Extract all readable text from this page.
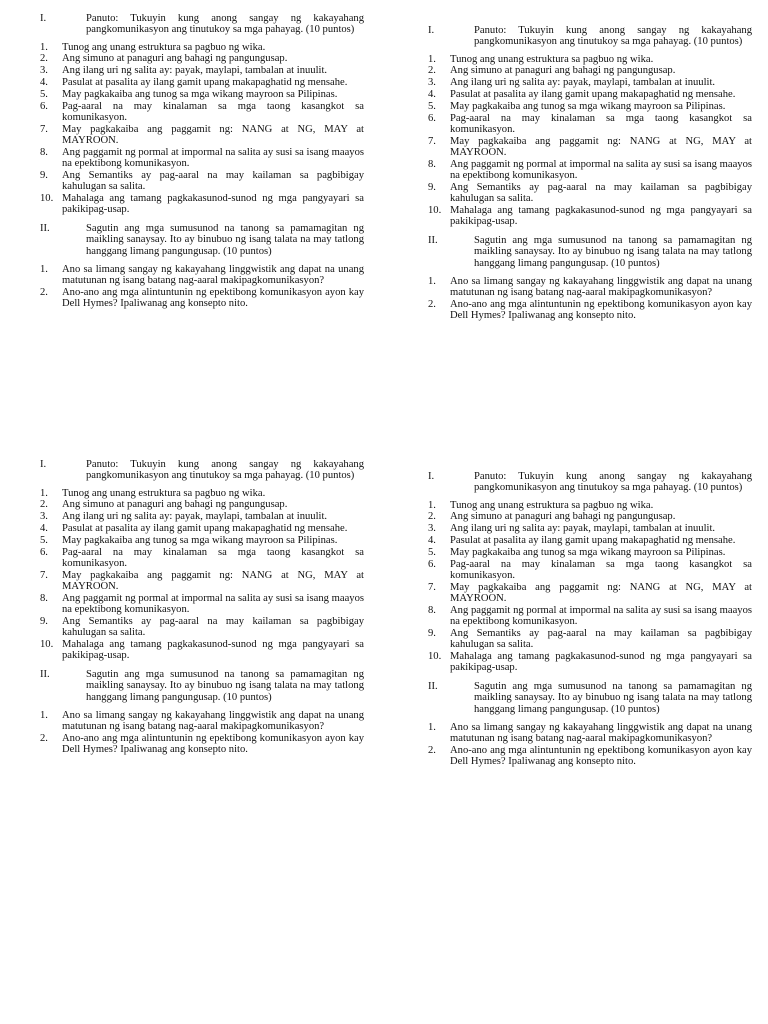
I.	Panuto: Tukuyin kung anong sangay ng kakayahang pangkomunikasyon ang tinutukoy sa mga pahayag. (10 puntos)
1. Tunog ang unang estruktura sa pagbuo ng wika.
2. Ang simuno at panaguri ang bahagi ng pangungusap.
3. Ang ilang uri ng salita ay: payak, maylapi, tambalan at inuulit.
4. Pasulat at pasalita ay ilang gamit upang makapaghatid ng mensahe.
5. May pagkakaiba ang tunog sa mga wikang mayroon sa Pilipinas.
6. Pag-aaral na may kinalaman sa mga taong kasangkot sa komunikasyon.
7. May pagkakaiba ang paggamit ng: NANG at NG, MAY at MAYROON.
8. Ang paggamit ng pormal at impormal na salita ay susi sa isang maayos na epektibong komunikasyon.
9. Ang Semantiks ay pag-aaral na may kailaman sa pagbibigay kahulugan sa salita.
10. Mahalaga ang tamang pagkakasunod-sunod ng mga pangyayari sa pakikipag-usap.
II.	Sagutin ang mga sumusunod na tanong sa pamamagitan ng maikling sanaysay. Ito ay binubuo ng isang talata na may tatlong hanggang limang pangungusap. (10 puntos)
1. Ano sa limang sangay ng kakayahang linggwistik ang dapat na unang matutunan ng isang batang nag-aaral makipagkomunikasyon?
2. Ano-ano ang mga alintuntunin ng epektibong komunikasyon ayon kay Dell Hymes? Ipaliwanag ang konsepto nito.
I.	Panuto: Tukuyin kung anong sangay ng kakayahang pangkomunikasyon ang tinutukoy sa mga pahayag. (10 puntos)
1. Tunog ang unang estruktura sa pagbuo ng wika.
2. Ang simuno at panaguri ang bahagi ng pangungusap.
3. Ang ilang uri ng salita ay: payak, maylapi, tambalan at inuulit.
4. Pasulat at pasalita ay ilang gamit upang makapaghatid ng mensahe.
5. May pagkakaiba ang tunog sa mga wikang mayroon sa Pilipinas.
6. Pag-aaral na may kinalaman sa mga taong kasangkot sa komunikasyon.
7. May pagkakaiba ang paggamit ng: NANG at NG, MAY at MAYROON.
8. Ang paggamit ng pormal at impormal na salita ay susi sa isang maayos na epektibong komunikasyon.
9. Ang Semantiks ay pag-aaral na may kailaman sa pagbibigay kahulugan sa salita.
10. Mahalaga ang tamang pagkakasunod-sunod ng mga pangyayari sa pakikipag-usap.
II.	Sagutin ang mga sumusunod na tanong sa pamamagitan ng maikling sanaysay. Ito ay binubuo ng isang talata na may tatlong hanggang limang pangungusap. (10 puntos)
1. Ano sa limang sangay ng kakayahang linggwistik ang dapat na unang matutunan ng isang batang nag-aaral makipagkomunikasyon?
2. Ano-ano ang mga alintuntunin ng epektibong komunikasyon ayon kay Dell Hymes? Ipaliwanag ang konsepto nito.
I.	Panuto: Tukuyin kung anong sangay ng kakayahang pangkomunikasyon ang tinutukoy sa mga pahayag. (10 puntos)
1. Tunog ang unang estruktura sa pagbuo ng wika.
2. Ang simuno at panaguri ang bahagi ng pangungusap.
3. Ang ilang uri ng salita ay: payak, maylapi, tambalan at inuulit.
4. Pasulat at pasalita ay ilang gamit upang makapaghatid ng mensahe.
5. May pagkakaiba ang tunog sa mga wikang mayroon sa Pilipinas.
6. Pag-aaral na may kinalaman sa mga taong kasangkot sa komunikasyon.
7. May pagkakaiba ang paggamit ng: NANG at NG, MAY at MAYROON.
8. Ang paggamit ng pormal at impormal na salita ay susi sa isang maayos na epektibong komunikasyon.
9. Ang Semantiks ay pag-aaral na may kailaman sa pagbibigay kahulugan sa salita.
10. Mahalaga ang tamang pagkakasunod-sunod ng mga pangyayari sa pakikipag-usap.
II.	Sagutin ang mga sumusunod na tanong sa pamamagitan ng maikling sanaysay. Ito ay binubuo ng isang talata na may tatlong hanggang limang pangungusap. (10 puntos)
1. Ano sa limang sangay ng kakayahang linggwistik ang dapat na unang matutunan ng isang batang nag-aaral makipagkomunikasyon?
2. Ano-ano ang mga alintuntunin ng epektibong komunikasyon ayon kay Dell Hymes? Ipaliwanag ang konsepto nito.
I.	Panuto: Tukuyin kung anong sangay ng kakayahang pangkomunikasyon ang tinutukoy sa mga pahayag. (10 puntos)
1. Tunog ang unang estruktura sa pagbuo ng wika.
2. Ang simuno at panaguri ang bahagi ng pangungusap.
3. Ang ilang uri ng salita ay: payak, maylapi, tambalan at inuulit.
4. Pasulat at pasalita ay ilang gamit upang makapaghatid ng mensahe.
5. May pagkakaiba ang tunog sa mga wikang mayroon sa Pilipinas.
6. Pag-aaral na may kinalaman sa mga taong kasangkot sa komunikasyon.
7. May pagkakaiba ang paggamit ng: NANG at NG, MAY at MAYROON.
8. Ang paggamit ng pormal at impormal na salita ay susi sa isang maayos na epektibong komunikasyon.
9. Ang Semantiks ay pag-aaral na may kailaman sa pagbibigay kahulugan sa salita.
10. Mahalaga ang tamang pagkakasunod-sunod ng mga pangyayari sa pakikipag-usap.
II.	Sagutin ang mga sumusunod na tanong sa pamamagitan ng maikling sanaysay. Ito ay binubuo ng isang talata na may tatlong hanggang limang pangungusap. (10 puntos)
1. Ano sa limang sangay ng kakayahang linggwistik ang dapat na unang matutunan ng isang batang nag-aaral makipagkomunikasyon?
2. Ano-ano ang mga alintuntunin ng epektibong komunikasyon ayon kay Dell Hymes? Ipaliwanag ang konsepto nito.
